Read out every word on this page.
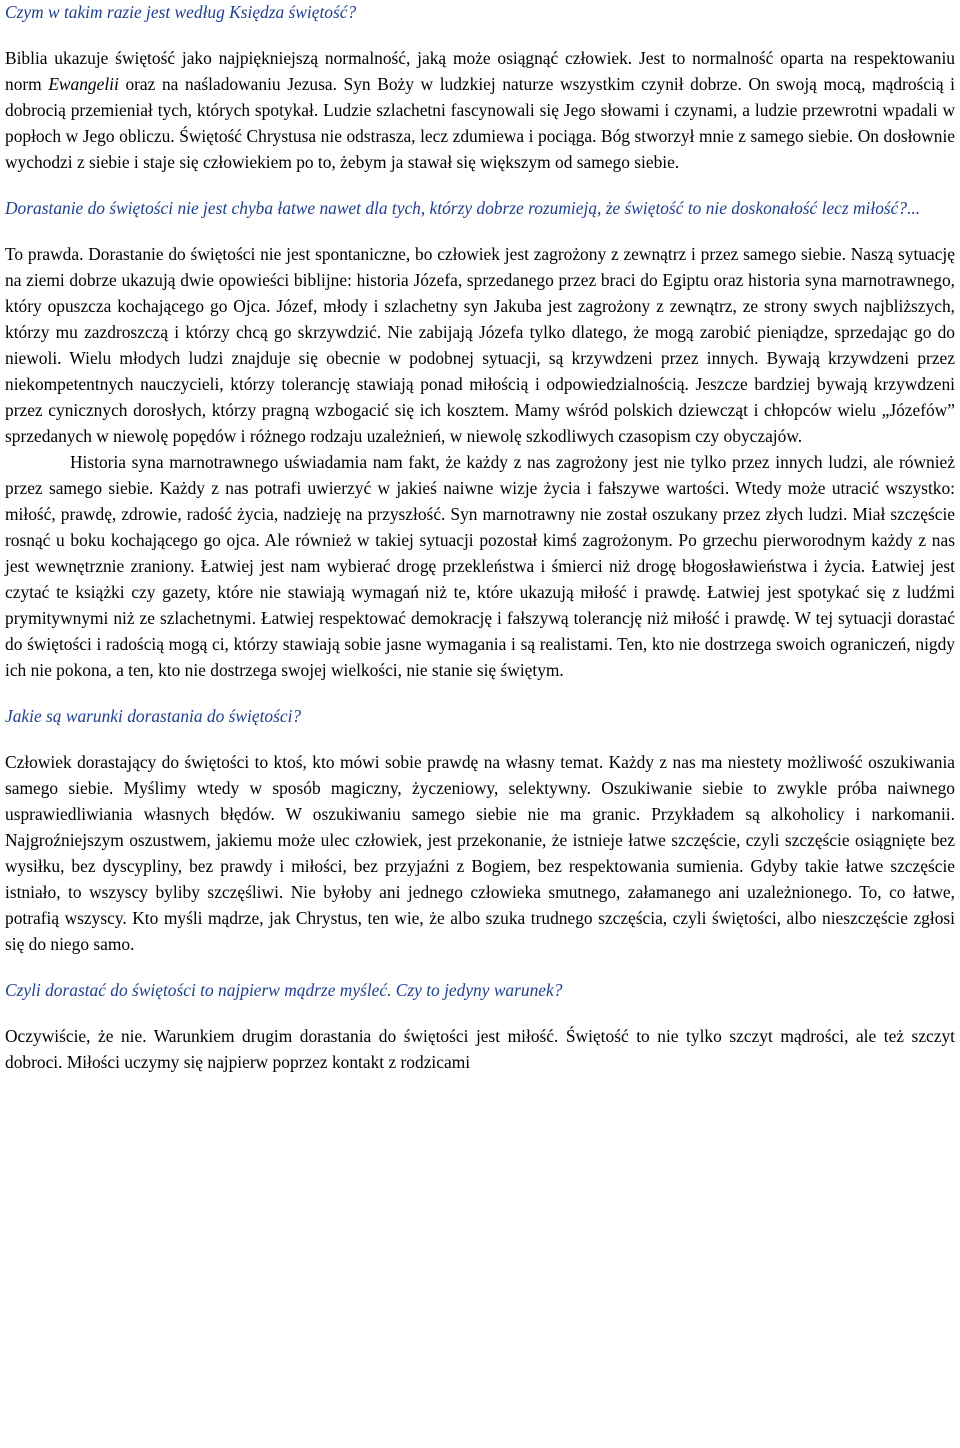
Czym w takim razie jest według Księdza świętość?

Biblia ukazuje świętość jako najpiękniejszą normalność, jaką może osiągnąć człowiek. Jest to normalność oparta na respektowaniu norm Ewangelii oraz na naśladowaniu Jezusa. Syn Boży w ludzkiej naturze wszystkim czynił dobrze. On swoją mocą, mądrością i dobrocią przemieniał tych, których spotykał. Ludzie szlachetni fascynowali się Jego słowami i czynami, a ludzie przewrotni wpadali w popłoch w Jego obliczu. Świętość Chrystusa nie odstrasza, lecz zdumiewa i pociąga. Bóg stworzył mnie z samego siebie. On dosłownie wychodzi z siebie i staje się człowiekiem po to, żebym ja stawał się większym od samego siebie.

Dorastanie do świętości nie jest chyba łatwe nawet dla tych, którzy dobrze rozumieją, że świętość to nie doskonałość lecz miłość?...

To prawda. Dorastanie do świętości nie jest spontaniczne, bo człowiek jest zagrożony z zewnątrz i przez samego siebie. Naszą sytuację na ziemi dobrze ukazują dwie opowieści biblijne: historia Józefa, sprzedanego przez braci do Egiptu oraz historia syna marnotrawnego, który opuszcza kochającego go Ojca. Józef, młody i szlachetny syn Jakuba jest zagrożony z zewnątrz, ze strony swych najbliższych, którzy mu zazdroszczą i którzy chcą go skrzywdzić. Nie zabijają Józefa tylko dlatego, że mogą zarobić pieniądze, sprzedając go do niewoli. Wielu młodych ludzi znajduje się obecnie w podobnej sytuacji, są krzywdzeni przez innych. Bywają krzywdzeni przez niekompetentnych nauczycieli, którzy tolerancję stawiają ponad miłością i odpowiedzialnością. Jeszcze bardziej bywają krzywdzeni przez cynicznych dorosłych, którzy pragną wzbogacić się ich kosztem. Mamy wśród polskich dziewcząt i chłopców wielu „Józefów” sprzedanych w niewolę popędów i różnego rodzaju uzależnień, w niewolę szkodliwych czasopism czy obyczajów.

Historia syna marnotrawnego uświadamia nam fakt, że każdy z nas zagrożony jest nie tylko przez innych ludzi, ale również przez samego siebie. Każdy z nas potrafi uwierzyć w jakieś naiwne wizje życia i fałszywe wartości. Wtedy może utracić wszystko: miłość, prawdę, zdrowie, radość życia, nadzieję na przyszłość. Syn marnotrawny nie został oszukany przez złych ludzi. Miał szczęście rosnąć u boku kochającego go ojca. Ale również w takiej sytuacji pozostał kimś zagrożonym. Po grzechu pierworodnym każdy z nas jest wewnętrznie zraniony. Łatwiej jest nam wybierać drogę przekleństwa i śmierci niż drogę błogosławieństwa i życia. Łatwiej jest czytać te książki czy gazety, które nie stawiają wymagań niż te, które ukazują miłość i prawdę. Łatwiej jest spotykać się z ludźmi prymitywnymi niż ze szlachetnymi. Łatwiej respektować demokrację i fałszywą tolerancję niż miłość i prawdę. W tej sytuacji dorastać do świętości i radością mogą ci, którzy stawiają sobie jasne wymagania i są realistami. Ten, kto nie dostrzega swoich ograniczeń, nigdy ich nie pokona, a ten, kto nie dostrzega swojej wielkości, nie stanie się świętym.

Jakie są warunki dorastania do świętości?

Człowiek dorastający do świętości to ktoś, kto mówi sobie prawdę na własny temat. Każdy z nas ma niestety możliwość oszukiwania samego siebie. Myślimy wtedy w sposób magiczny, życzeniowy, selektywny. Oszukiwanie siebie to zwykle próba naiwnego usprawiedliwiania własnych błędów. W oszukiwaniu samego siebie nie ma granic. Przykładem są alkoholicy i narkomanii. Najgroźniejszym oszustwem, jakiemu może ulec człowiek, jest przekonanie, że istnieje łatwe szczęście, czyli szczęście osiągnięte bez wysiłku, bez dyscypliny, bez prawdy i miłości, bez przyjaźni z Bogiem, bez respektowania sumienia. Gdyby takie łatwe szczęście istniało, to wszyscy byliby szczęśliwi. Nie byłoby ani jednego człowieka smutnego, załamanego ani uzależnionego. To, co łatwe, potrafią wszyscy. Kto myśli mądrze, jak Chrystus, ten wie, że albo szuka trudnego szczęścia, czyli świętości, albo nieszczęście zgłosi się do niego samo.

Czyli dorastać do świętości to najpierw mądrze myśleć. Czy to jedyny warunek?

Oczywiście, że nie. Warunkiem drugim dorastania do świętości jest miłość. Świętość to nie tylko szczyt mądrości, ale też szczyt dobroci. Miłości uczymy się najpierw poprzez kontakt z rodzicami
